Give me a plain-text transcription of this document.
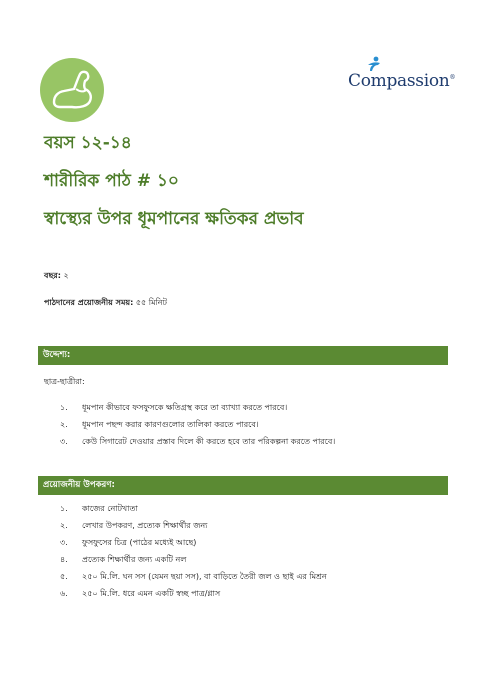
Compassion®
বয়স ১২-১৪
শারীরিক পাঠ # ১০
স্বাস্থ্যের উপর ধূমপানের ক্ষতিকর প্রভাব
বছর: ২
পাঠদানের প্রয়োজনীয় সময়: ৫৫ মিনিট
উদ্দেশ্য:
ছাত্র-ছাত্রীরা:
১. ধূমপান কীভাবে ফসফুসকে ক্ষতিগ্রস্থ করে তা ব্যাখ্যা করতে পারবে।
২. ধূমপান পছন্দ করার কারণগুলোর তালিকা করতে পারবে।
৩. কেউ সিগারেট দেওয়ার প্রস্তাব দিলে কী করতে হবে তার পরিকল্পনা করতে পারবে।
প্রয়োজনীয় উপকরণ:
১. কাজের নোটখাতা
২. লেখার উপকরণ, প্রত্যেক শিক্ষার্থীর জন্য
৩. ফুসফুসের চিত্র (পাঠের মধ্যেই আছে)
৪. প্রত্যেক শিক্ষার্থীর জন্য একটি নল
৫. ২৫০ মি.লি. ঘন সস (যেমন ছয়া সস), বা বাড়িতে তৈরী জল ও ছাই এর মিশ্রন
৬. ২৫০ মি.লি. ধরে এমন একটি স্বচ্ছ পাত্র/গ্লাস
